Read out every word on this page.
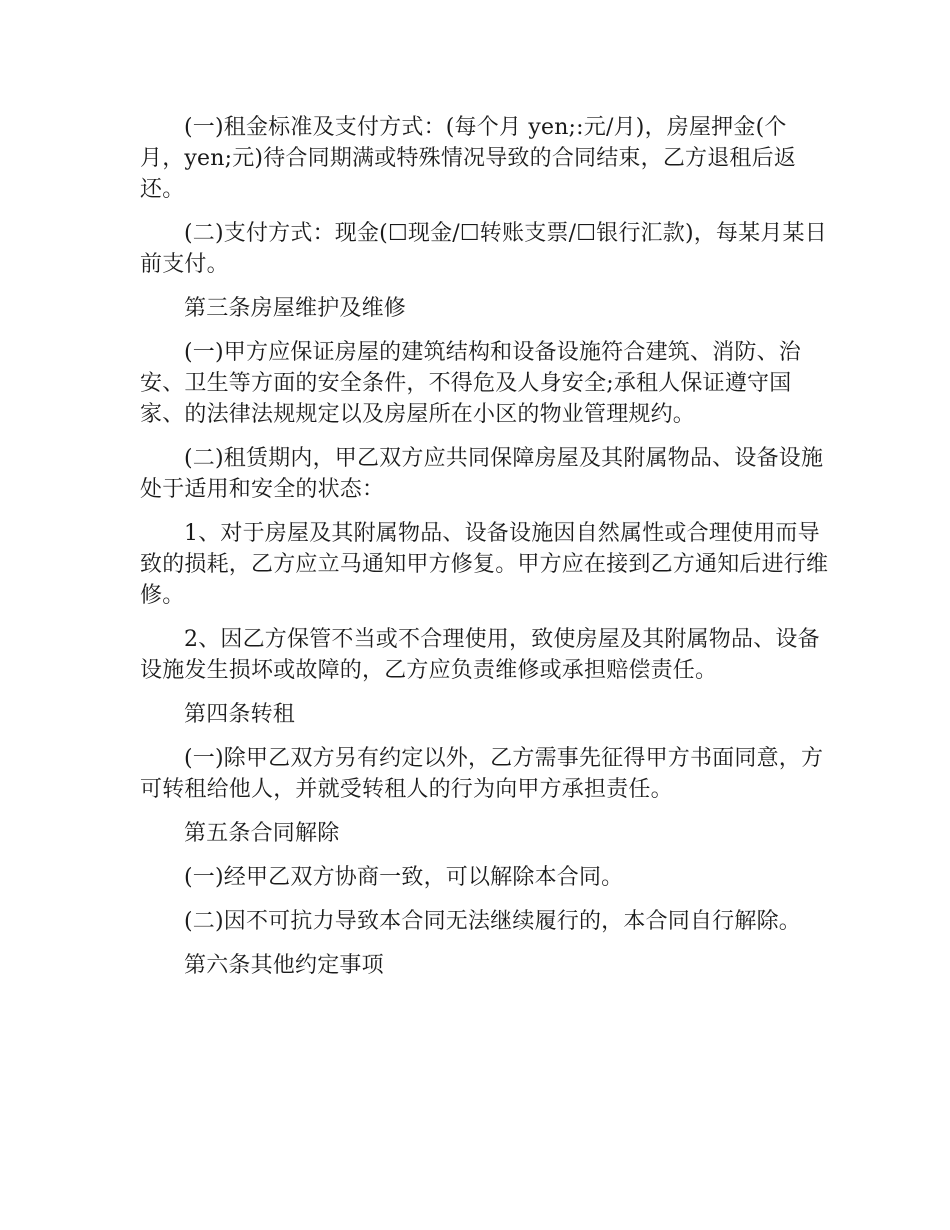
(一)租金标准及支付方式：(每个月 yen;:元/月)，房屋押金(个月，yen;元)待合同期满或特殊情况导致的合同结束，乙方退租后返还。

(二)支付方式：现金(☐现金/☐转账支票/☐银行汇款)，每某月某日前支付。

第三条房屋维护及维修

(一)甲方应保证房屋的建筑结构和设备设施符合建筑、消防、治安、卫生等方面的安全条件，不得危及人身安全;承租人保证遵守国家、的法律法规规定以及房屋所在小区的物业管理规约。

(二)租赁期内，甲乙双方应共同保障房屋及其附属物品、设备设施处于适用和安全的状态：

1、对于房屋及其附属物品、设备设施因自然属性或合理使用而导致的损耗，乙方应立马通知甲方修复。甲方应在接到乙方通知后进行维修。

2、因乙方保管不当或不合理使用，致使房屋及其附属物品、设备设施发生损坏或故障的，乙方应负责维修或承担赔偿责任。

第四条转租

(一)除甲乙双方另有约定以外，乙方需事先征得甲方书面同意，方可转租给他人，并就受转租人的行为向甲方承担责任。

第五条合同解除

(一)经甲乙双方协商一致，可以解除本合同。

(二)因不可抗力导致本合同无法继续履行的，本合同自行解除。

第六条其他约定事项
